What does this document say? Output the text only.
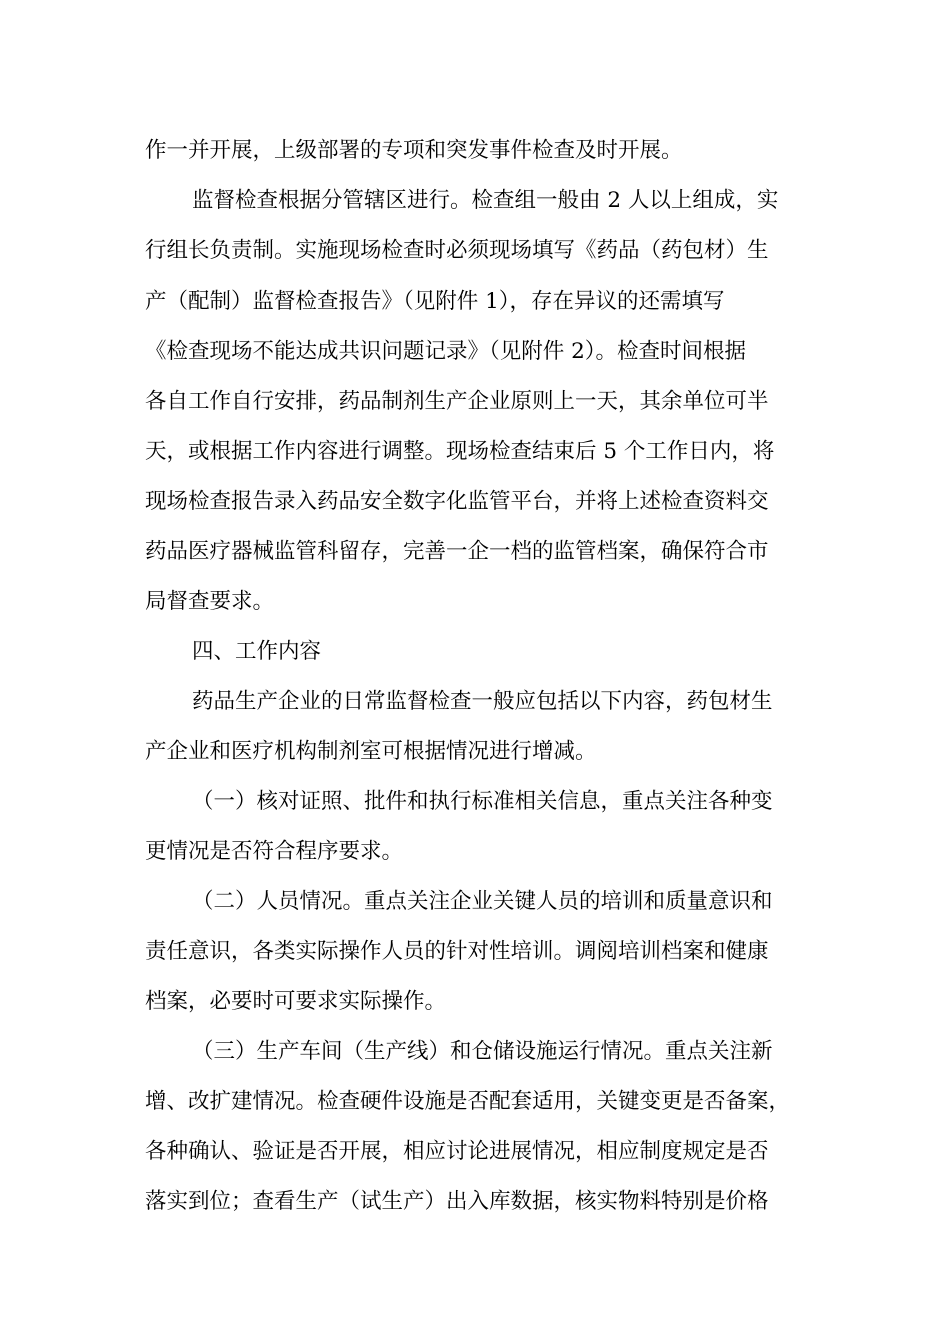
作一并开展，上级部署的专项和突发事件检查及时开展。
监督检查根据分管辖区进行。检查组一般由 2 人以上组成，实
行组长负责制。实施现场检查时必须现场填写《药品（药包材）生
产（配制）监督检查报告》（见附件 1），存在异议的还需填写
《检查现场不能达成共识问题记录》（见附件 2）。检查时间根据
各自工作自行安排，药品制剂生产企业原则上一天，其余单位可半
天，或根据工作内容进行调整。现场检查结束后 5 个工作日内，将
现场检查报告录入药品安全数字化监管平台，并将上述检查资料交
药品医疗器械监管科留存，完善一企一档的监管档案，确保符合市
局督查要求。
四、工作内容
药品生产企业的日常监督检查一般应包括以下内容，药包材生
产企业和医疗机构制剂室可根据情况进行增减。
（一）核对证照、批件和执行标准相关信息，重点关注各种变
更情况是否符合程序要求。
（二）人员情况。重点关注企业关键人员的培训和质量意识和
责任意识，各类实际操作人员的针对性培训。调阅培训档案和健康
档案，必要时可要求实际操作。
（三）生产车间（生产线）和仓储设施运行情况。重点关注新
增、改扩建情况。检查硬件设施是否配套适用，关键变更是否备案，
各种确认、验证是否开展，相应讨论进展情况，相应制度规定是否
落实到位；查看生产（试生产）出入库数据，核实物料特别是价格
